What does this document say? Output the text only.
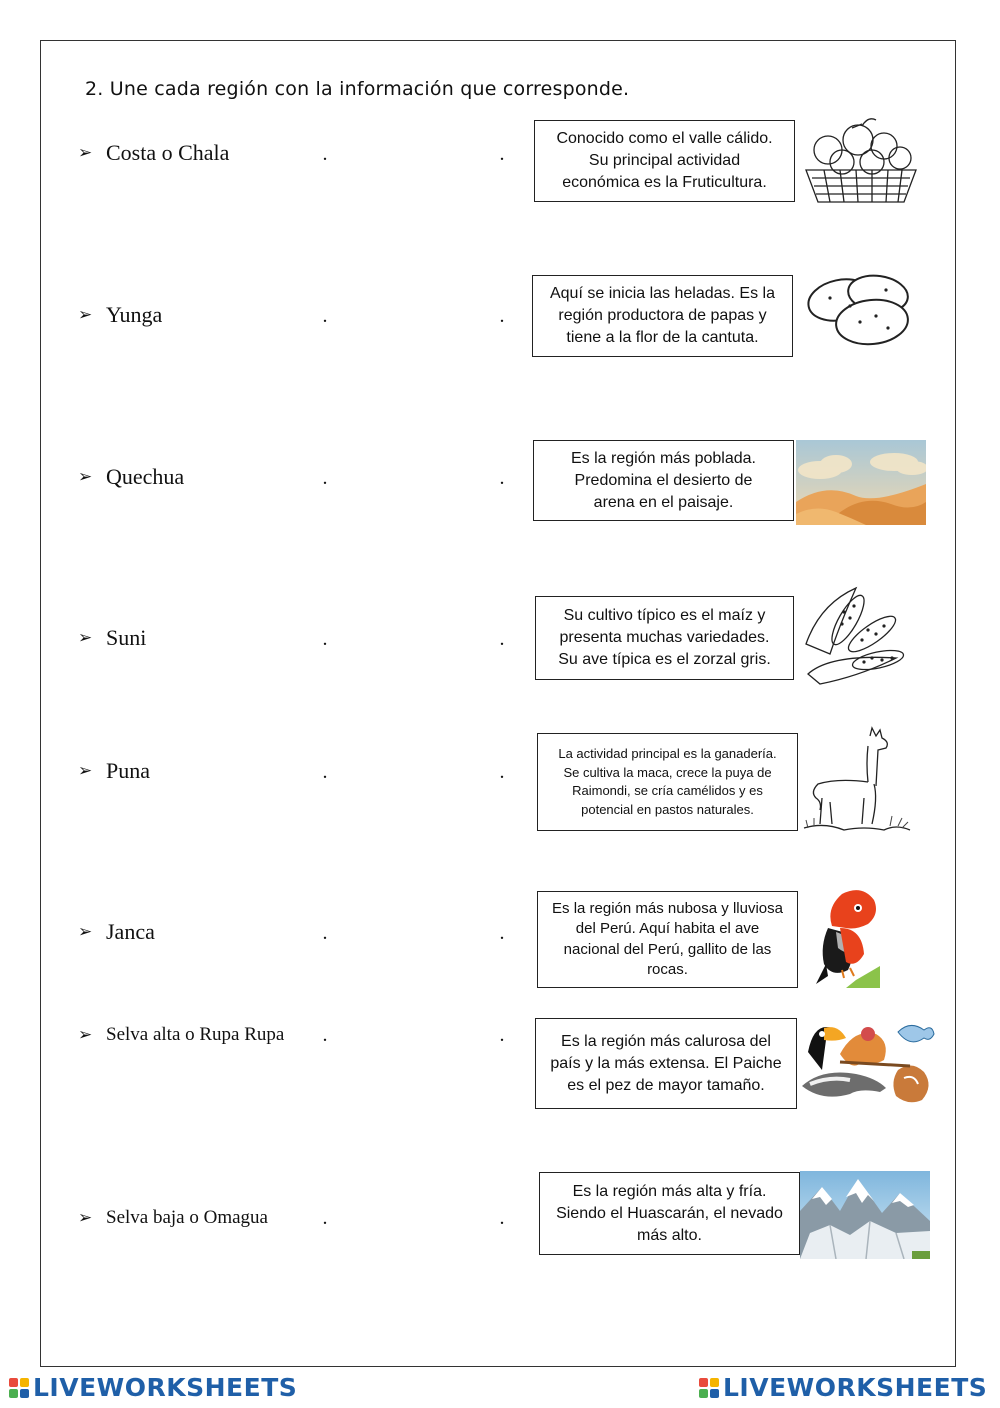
2. Une cada región con la información que corresponde.
➢ Costa o Chala
➢ Yunga
➢ Quechua
➢ Suni
➢ Puna
➢ Janca
➢ Selva alta o Rupa Rupa
➢ Selva baja o Omagua
.
.
.
.
.
.
.
.
.
.
.
.
.
.
.
.
Conocido como el valle cálido.
Su principal actividad
económica es la Fruticultura.
Aquí se inicia las heladas. Es la
región productora de papas y
tiene a la flor de la cantuta.
Es la región más poblada.
Predomina el desierto de
arena en el paisaje.
Su cultivo típico es el maíz y
presenta muchas variedades.
Su ave típica es el zorzal gris.
La actividad principal es la ganadería.
Se cultiva la maca, crece la puya de
Raimondi, se cría camélidos y es
potencial en pastos naturales.
Es la región más nubosa y lluviosa
del Perú. Aquí habita el ave
nacional del Perú, gallito de las
rocas.
Es la región más calurosa del
país y la más extensa. El Paiche
es el pez de mayor tamaño.
Es la región más alta y fría.
Siendo el Huascarán, el nevado
más alto.
LIVEWORKSHEETS	LIVEWORKSHEETS
